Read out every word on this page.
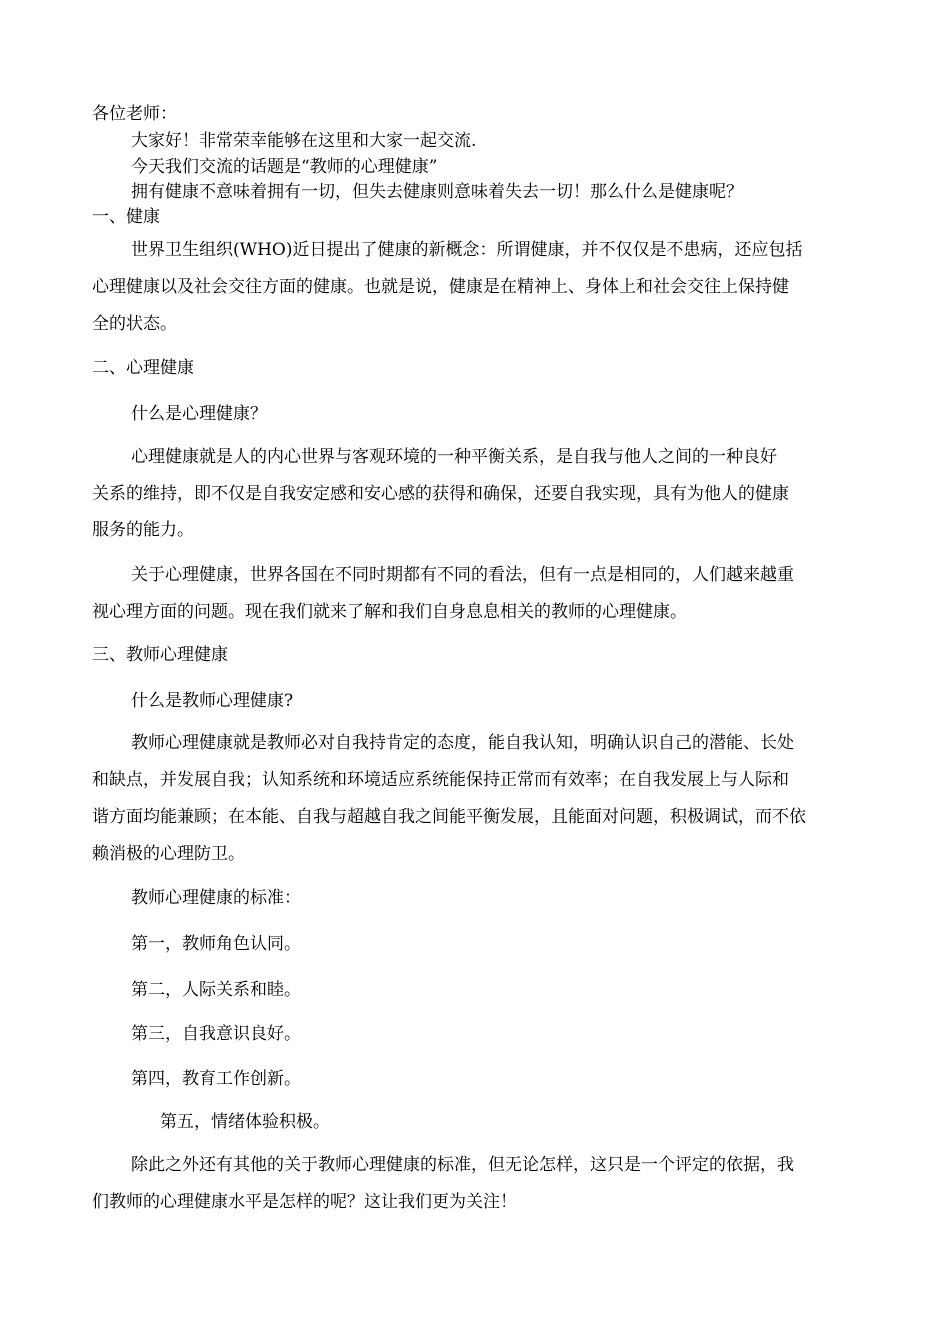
各位老师：
大家好！非常荣幸能够在这里和大家一起交流.
今天我们交流的话题是“教师的心理健康”
拥有健康不意味着拥有一切，但失去健康则意味着失去一切！那么什么是健康呢？
一、健康
世界卫生组织(WHO)近日提出了健康的新概念：所谓健康，并不仅仅是不患病，还应包括
心理健康以及社会交往方面的健康。也就是说，健康是在精神上、身体上和社会交往上保持健
全的状态。
二、心理健康
什么是心理健康？
心理健康就是人的内心世界与客观环境的一种平衡关系，是自我与他人之间的一种良好
关系的维持，即不仅是自我安定感和安心感的获得和确保，还要自我实现，具有为他人的健康
服务的能力。
关于心理健康，世界各国在不同时期都有不同的看法，但有一点是相同的，人们越来越重
视心理方面的问题。现在我们就来了解和我们自身息息相关的教师的心理健康。
三、教师心理健康
什么是教师心理健康?
教师心理健康就是教师必对自我持肯定的态度，能自我认知，明确认识自己的潜能、长处
和缺点，并发展自我；认知系统和环境适应系统能保持正常而有效率；在自我发展上与人际和
谐方面均能兼顾；在本能、自我与超越自我之间能平衡发展，且能面对问题，积极调试，而不依
赖消极的心理防卫。
教师心理健康的标准：
第一，教师角色认同。
第二，人际关系和睦。
第三，自我意识良好。
第四，教育工作创新。
第五，情绪体验积极。
除此之外还有其他的关于教师心理健康的标准，但无论怎样，这只是一个评定的依据，我
们教师的心理健康水平是怎样的呢？这让我们更为关注！
